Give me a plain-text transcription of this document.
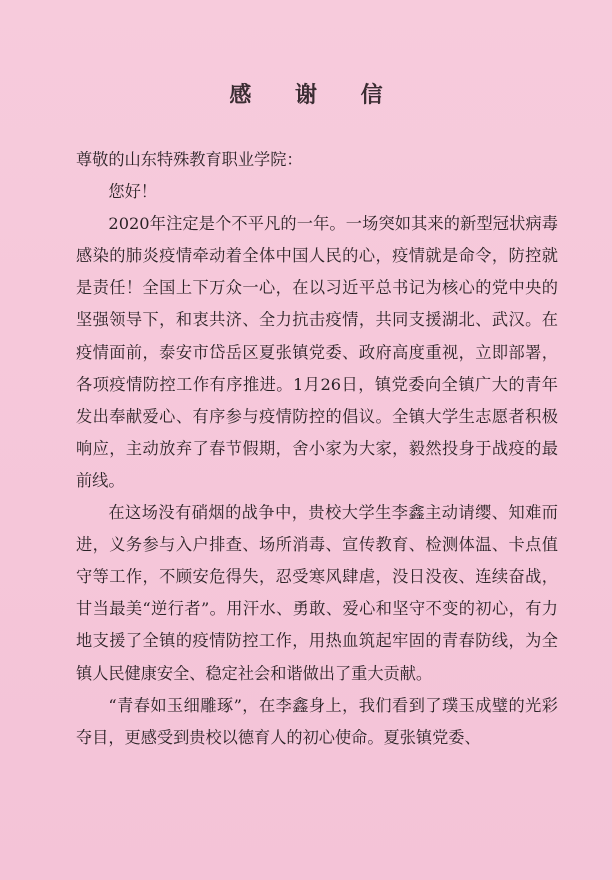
感 谢 信

尊敬的山东特殊教育职业学院：

您好！

2020年注定是个不平凡的一年。一场突如其来的新型冠状病毒感染的肺炎疫情牵动着全体中国人民的心，疫情就是命令，防控就是责任！全国上下万众一心，在以习近平总书记为核心的党中央的坚强领导下，和衷共济、全力抗击疫情，共同支援湖北、武汉。在疫情面前，泰安市岱岳区夏张镇党委、政府高度重视，立即部署，各项疫情防控工作有序推进。1月26日，镇党委向全镇广大的青年发出奉献爱心、有序参与疫情防控的倡议。全镇大学生志愿者积极响应，主动放弃了春节假期，舍小家为大家，毅然投身于战疫的最前线。

在这场没有硝烟的战争中，贵校大学生李鑫主动请缨、知难而进，义务参与入户排查、场所消毒、宣传教育、检测体温、卡点值守等工作，不顾安危得失，忍受寒风肆虐，没日没夜、连续奋战，甘当最美“逆行者”。用汗水、勇敢、爱心和坚守不变的初心，有力地支援了全镇的疫情防控工作，用热血筑起牢固的青春防线，为全镇人民健康安全、稳定社会和谐做出了重大贡献。

“青春如玉细雕琢”，在李鑫身上，我们看到了璞玉成璧的光彩夺目，更感受到贵校以德育人的初心使命。夏张镇党委、
